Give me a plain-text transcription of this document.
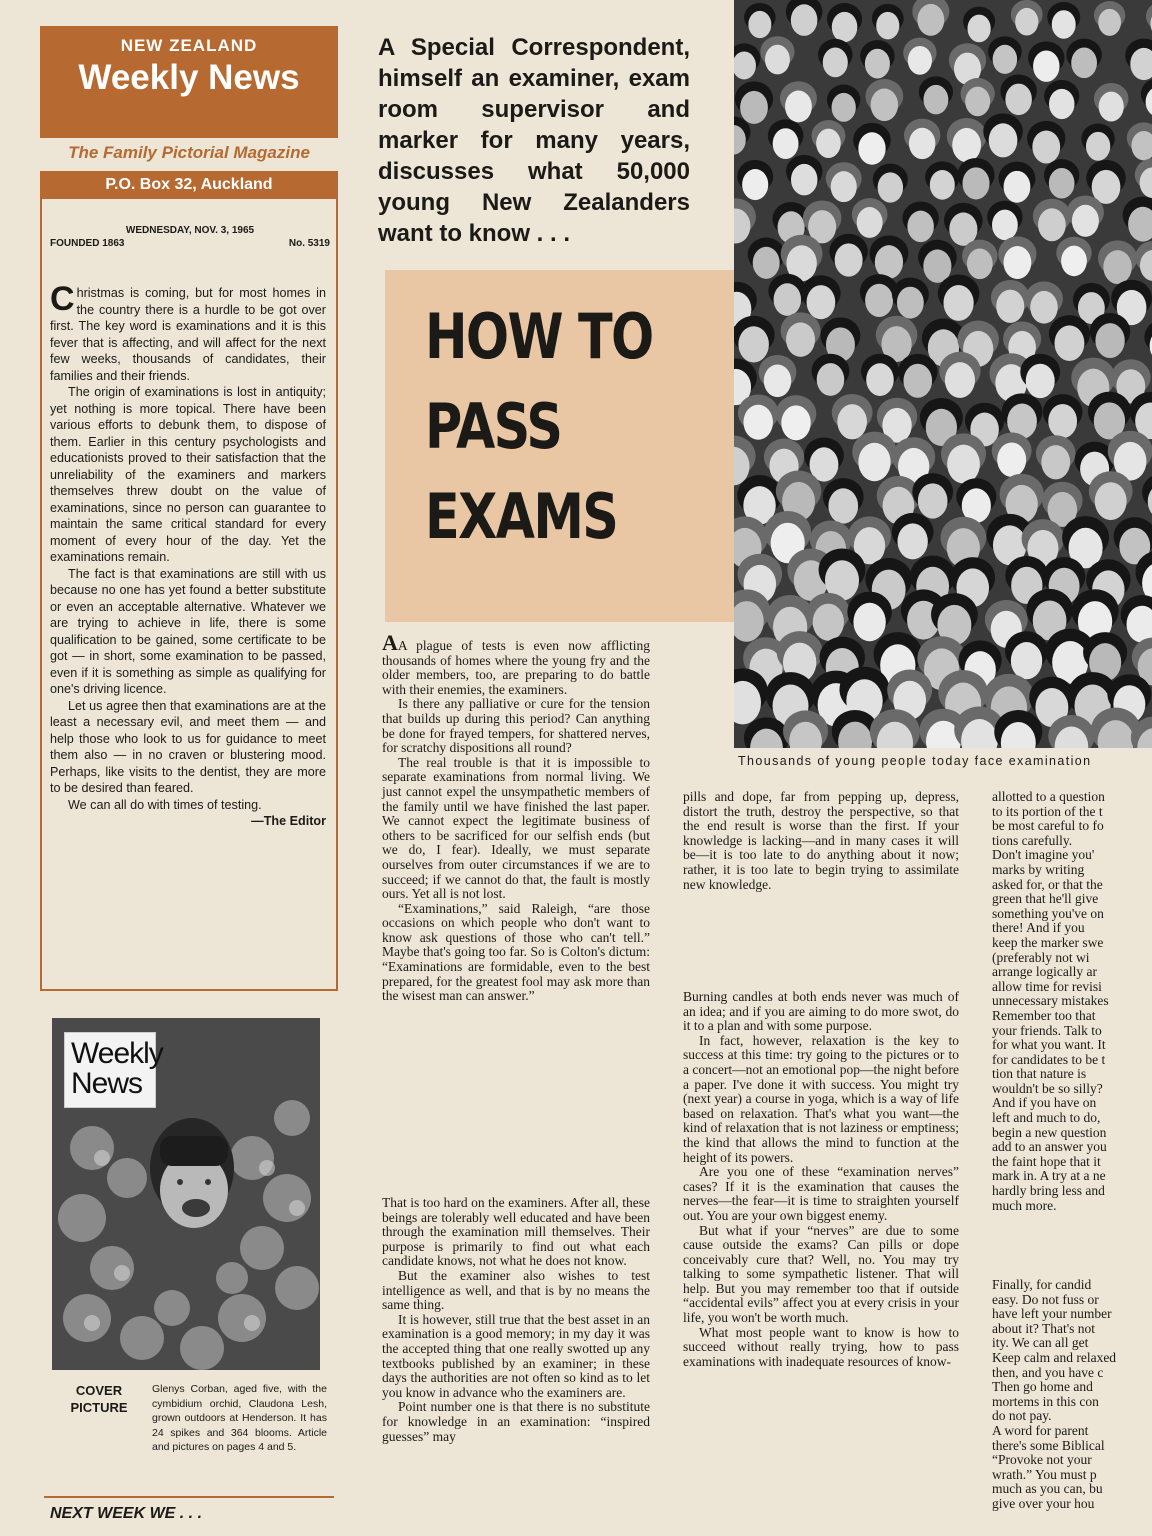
NEW ZEALAND
Weekly News
The Family Pictorial Magazine
P.O. Box 32, Auckland
WEDNESDAY, NOV. 3, 1965
FOUNDED 1863	No. 5319

Christmas is coming, but for most homes in the country there is a hurdle to be got over first. The key word is examinations and it is this fever that is affecting, and will affect for the next few weeks, thousands of candidates, their families and their friends.

The origin of examinations is lost in antiquity; yet nothing is more topical. There have been various efforts to debunk them, to dispose of them. Earlier in this century psychologists and educationists proved to their satisfaction that the unreliability of the examiners and markers themselves threw doubt on the value of examinations, since no person can guarantee to maintain the same critical standard for every moment of every hour of the day. Yet the examinations remain.

The fact is that examinations are still with us because no one has yet found a better substitute or even an acceptable alternative. Whatever we are trying to achieve in life, there is some qualification to be gained, some certificate to be got — in short, some examination to be passed, even if it is something as simple as qualifying for one's driving licence.

Let us agree then that examinations are at the least a necessary evil, and meet them — and help those who look to us for guidance to meet them also — in no craven or blustering mood. Perhaps, like visits to the dentist, they are more to be desired than feared.

We can all do with times of testing.

—The Editor
Weekly News
COVER PICTURE
Glenys Corban, aged five, with the cymbidium orchid, Claudona Lesh, grown outdoors at Henderson. It has 24 spikes and 364 blooms. Article and pictures on pages 4 and 5.
NEXT WEEK WE . . .
A Special Correspondent, himself an examiner, exam room supervisor and marker for many years, discusses what 50,000 young New Zealanders want to know . . .
HOW TO
PASS
EXAMS
Thousands of young people today face examination

AA plague of tests is even now afflicting thousands of homes where the young fry and the older members, too, are preparing to do battle with their enemies, the examiners.

Is there any palliative or cure for the tension that builds up during this period? Can anything be done for frayed tempers, for shattered nerves, for scratchy dispositions all round?

The real trouble is that it is impossible to separate examinations from normal living. We just cannot expel the unsympathetic members of the family until we have finished the last paper. We cannot expect the legitimate business of others to be sacrificed for our selfish ends (but we do, I fear). Ideally, we must separate ourselves from outer circumstances if we are to succeed; if we cannot do that, the fault is mostly ours. Yet all is not lost.

“Examinations,” said Raleigh, “are those occasions on which people who don't want to know ask questions of those who can't tell.” Maybe that's going too far. So is Colton's dictum: “Examinations are formidable, even to the best prepared, for the greatest fool may ask more than the wisest man can answer.”

That is too hard on the examiners. After all, these beings are tolerably well educated and have been through the examination mill themselves. Their purpose is primarily to find out what each candidate knows, not what he does not know.

But the examiner also wishes to test intelligence as well, and that is by no means the same thing.

It is however, still true that the best asset in an examination is a good memory; in my day it was the accepted thing that one really swotted up any textbooks published by an examiner; in these days the authorities are not often so kind as to let you know in advance who the examiners are.

Point number one is that there is no substitute for knowledge in an examination: “inspired guesses” may

pills and dope, far from pepping up, depress, distort the truth, destroy the perspective, so that the end result is worse than the first. If your knowledge is lacking—and in many cases it will be—it is too late to do anything about it now; rather, it is too late to begin trying to assimilate new knowledge.

Burning candles at both ends never was much of an idea; and if you are aiming to do more swot, do it to a plan and with some purpose.

In fact, however, relaxation is the key to success at this time: try going to the pictures or to a concert—not an emotional pop—the night before a paper. I've done it with success. You might try (next year) a course in yoga, which is a way of life based on relaxation. That's what you want—the kind of relaxation that is not laziness or emptiness; the kind that allows the mind to function at the height of its powers.

Are you one of these “examination nerves” cases? If it is the examination that causes the nerves—the fear—it is time to straighten yourself out. You are your own biggest enemy.

But what if your “nerves” are due to some cause outside the exams? Can pills or dope conceivably cure that? Well, no. You may try talking to some sympathetic listener. That will help. But you may remember too that if outside “accidental evils” affect you at every crisis in your life, you won't be worth much.

What most people want to know is how to succeed without really trying, how to pass examinations with inadequate resources of know-

allotted to a question

to its portion of the t

be most careful to fo

tions carefully.

Don't imagine you'

marks by writing

asked for, or that the

green that he'll give

something you've on

there! And if you

keep the marker swe

(preferably not wi

arrange logically ar

allow time for revisi

unnecessary mistakes

Remember too that

your friends. Talk to

for what you want. It

for candidates to be t

tion that nature is

wouldn't be so silly?

And if you have on

left and much to do,

begin a new question

add to an answer you

the faint hope that it

mark in. A try at a ne

hardly bring less and

much more.

Finally, for candid

easy. Do not fuss or

have left your number

about it? That's not

ity. We can all get

Keep calm and relaxed

then, and you have c

Then go home and

mortems in this con

do not pay.

A word for parent

there's some Biblical

“Provoke not your

wrath.” You must p

much as you can, bu

give over your hou
